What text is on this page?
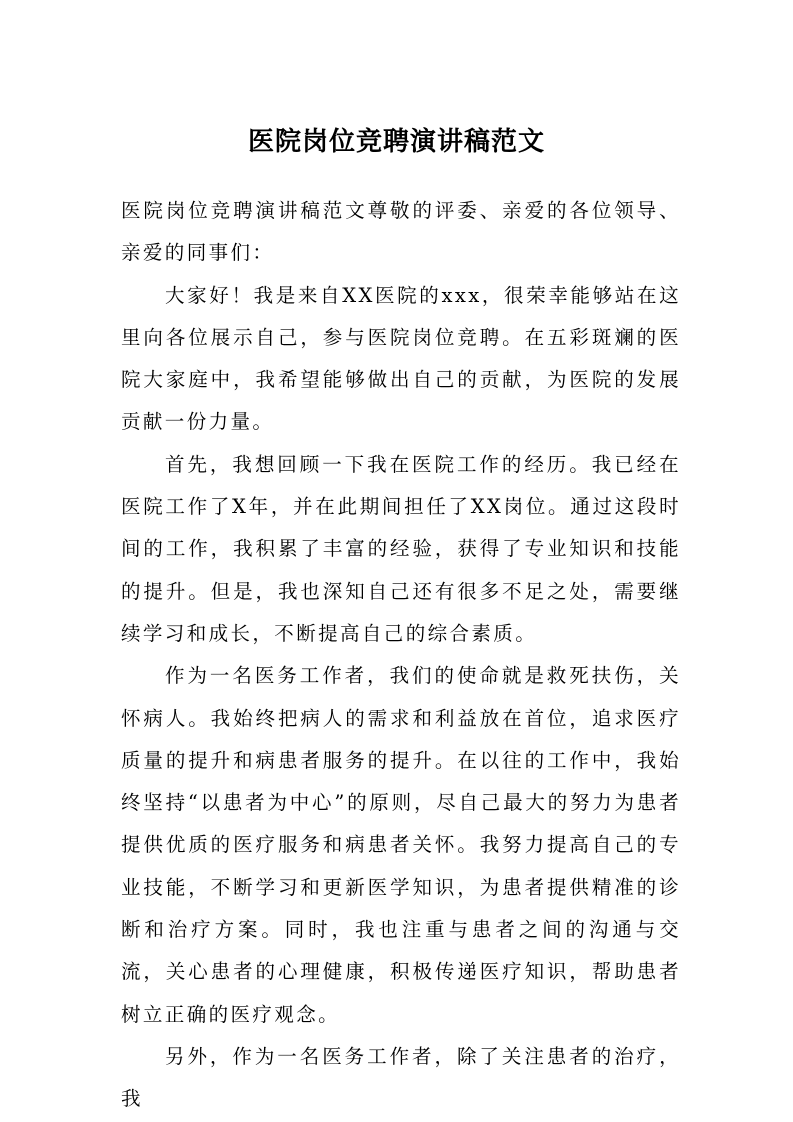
医院岗位竞聘演讲稿范文

医院岗位竞聘演讲稿范文尊敬的评委、亲爱的各位领导、亲爱的同事们：

大家好！我是来自XX医院的xxx，很荣幸能够站在这里向各位展示自己，参与医院岗位竞聘。在五彩斑斓的医院大家庭中，我希望能够做出自己的贡献，为医院的发展贡献一份力量。

首先，我想回顾一下我在医院工作的经历。我已经在医院工作了X年，并在此期间担任了XX岗位。通过这段时间的工作，我积累了丰富的经验，获得了专业知识和技能的提升。但是，我也深知自己还有很多不足之处，需要继续学习和成长，不断提高自己的综合素质。

作为一名医务工作者，我们的使命就是救死扶伤，关怀病人。我始终把病人的需求和利益放在首位，追求医疗质量的提升和病患者服务的提升。在以往的工作中，我始终坚持“以患者为中心”的原则，尽自己最大的努力为患者提供优质的医疗服务和病患者关怀。我努力提高自己的专业技能，不断学习和更新医学知识，为患者提供精准的诊断和治疗方案。同时，我也注重与患者之间的沟通与交流，关心患者的心理健康，积极传递医疗知识，帮助患者树立正确的医疗观念。

另外，作为一名医务工作者，除了关注患者的治疗，我
